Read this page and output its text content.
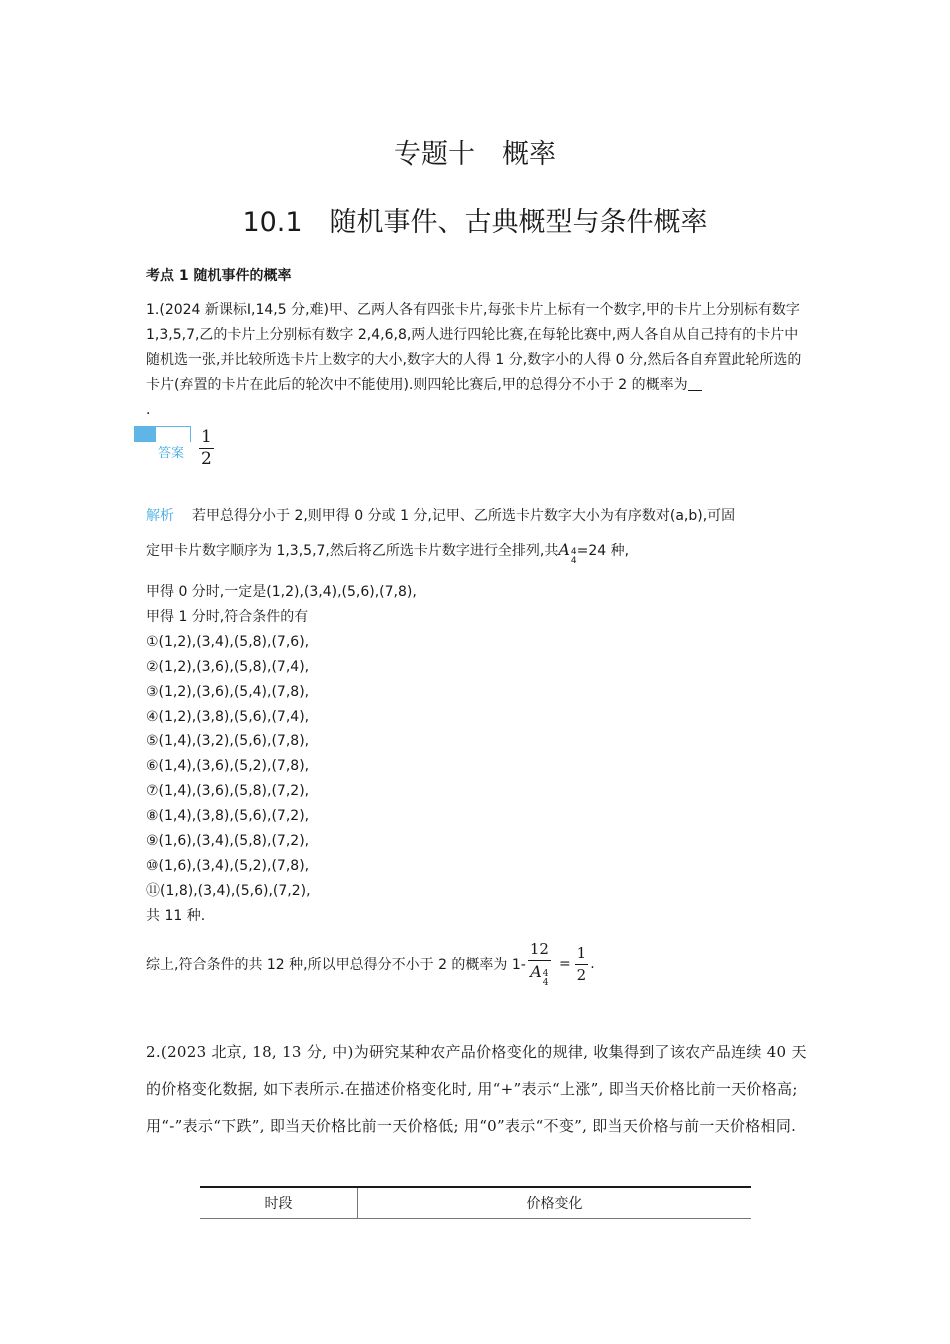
专题十　概率
10.1　随机事件、古典概型与条件概率
考点 1 随机事件的概率
1.(2024 新课标Ⅰ,14,5 分,难)甲、乙两人各有四张卡片,每张卡片上标有一个数字,甲的卡片上分别标有数字 1,3,5,7,乙的卡片上分别标有数字 2,4,6,8,两人进行四轮比赛,在每轮比赛中,两人各自从自己持有的卡片中随机选一张,并比较所选卡片上数字的大小,数字大的人得 1 分,数字小的人得 0 分,然后各自弃置此轮所选的卡片(弃置的卡片在此后的轮次中不能使用).则四轮比赛后,甲的总得分不小于 2 的概率为
.
答案 $\frac{1}{2}$
解析 若甲总得分小于 2,则甲得 0 分或 1 分,记甲、乙所选卡片数字大小为有序数对(a,b),可固
定甲卡片数字顺序为 1,3,5,7,然后将乙所选卡片数字进行全排列,共A 4
4
=24 种,
甲得 0 分时,一定是(1,2),(3,4),(5,6),(7,8),
甲得 1 分时,符合条件的有
①(1,2),(3,4),(5,8),(7,6),
②(1,2),(3,6),(5,8),(7,4),
③(1,2),(3,6),(5,4),(7,8),
④(1,2),(3,8),(5,6),(7,4),
⑤(1,4),(3,2),(5,6),(7,8),
⑥(1,4),(3,6),(5,2),(7,8),
⑦(1,4),(3,6),(5,8),(7,2),
⑧(1,4),(3,8),(5,6),(7,2),
⑨(1,6),(3,4),(5,8),(7,2),
⑩(1,6),(3,4),(5,2),(7,8),
⑪(1,8),(3,4),(5,6),(7,2),
共 11 种.
综上,符合条件的共 12 种,所以甲总得分不小于 2 的概率为 1- 12
A 4
$4 = \frac{1}{2}$ .
2.(2023 北京, 18, 13 分, 中)为研究某种农产品价格变化的规律, 收集得到了该农产品连续 40 天的价格变化数据, 如下表所示.在描述价格变化时, 用“+”表示“上涨”, 即当天价格比前一天价格高; 用“-”表示“下跌”, 即当天价格比前一天价格低; 用“0”表示“不变”, 即当天价格与前一天价格相同.
时段	价格变化
